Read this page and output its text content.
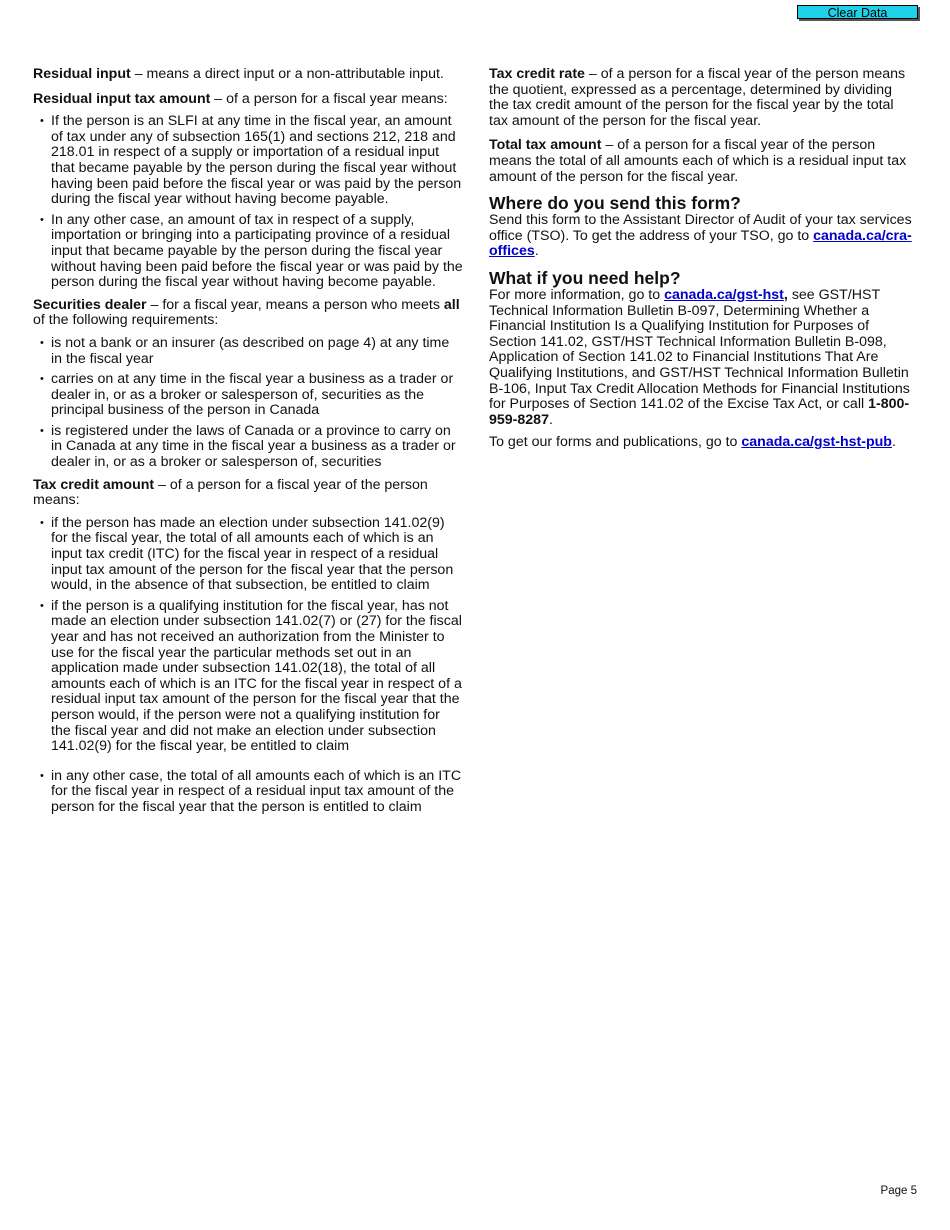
Clear Data

Residual input – means a direct input or a non-attributable input.

Residual input tax amount – of a person for a fiscal year means:

• If the person is an SLFI at any time in the fiscal year, an amount of tax under any of subsection 165(1) and sections 212, 218 and 218.01 in respect of a supply or importation of a residual input that became payable by the person during the fiscal year without having been paid before the fiscal year or was paid by the person during the fiscal year without having become payable.
• In any other case, an amount of tax in respect of a supply, importation or bringing into a participating province of a residual input that became payable by the person during the fiscal year without having been paid before the fiscal year or was paid by the person during the fiscal year without having become payable.

Securities dealer – for a fiscal year, means a person who meets all of the following requirements:

• is not a bank or an insurer (as described on page 4) at any time in the fiscal year
• carries on at any time in the fiscal year a business as a trader or dealer in, or as a broker or salesperson of, securities as the principal business of the person in Canada
• is registered under the laws of Canada or a province to carry on in Canada at any time in the fiscal year a business as a trader or dealer in, or as a broker or salesperson of, securities

Tax credit amount – of a person for a fiscal year of the person means:

• if the person has made an election under subsection 141.02(9) for the fiscal year, the total of all amounts each of which is an input tax credit (ITC) for the fiscal year in respect of a residual input tax amount of the person for the fiscal year that the person would, in the absence of that subsection, be entitled to claim
• if the person is a qualifying institution for the fiscal year, has not made an election under subsection 141.02(7) or (27) for the fiscal year and has not received an authorization from the Minister to use for the fiscal year the particular methods set out in an application made under subsection 141.02(18), the total of all amounts each of which is an ITC for the fiscal year in respect of a residual input tax amount of the person for the fiscal year that the person would, if the person were not a qualifying institution for the fiscal year and did not make an election under subsection 141.02(9) for the fiscal year, be entitled to claim
• in any other case, the total of all amounts each of which is an ITC for the fiscal year in respect of a residual input tax amount of the person for the fiscal year that the person is entitled to claim

Tax credit rate – of a person for a fiscal year of the person means the quotient, expressed as a percentage, determined by dividing the tax credit amount of the person for the fiscal year by the total tax amount of the person for the fiscal year.

Total tax amount – of a person for a fiscal year of the person means the total of all amounts each of which is a residual input tax amount of the person for the fiscal year.

Where do you send this form?

Send this form to the Assistant Director of Audit of your tax services office (TSO). To get the address of your TSO, go to canada.ca/cra-offices.

What if you need help?

For more information, go to canada.ca/gst-hst, see GST/HST Technical Information Bulletin B-097, Determining Whether a Financial Institution Is a Qualifying Institution for Purposes of Section 141.02, GST/HST Technical Information Bulletin B-098, Application of Section 141.02 to Financial Institutions That Are Qualifying Institutions, and GST/HST Technical Information Bulletin B-106, Input Tax Credit Allocation Methods for Financial Institutions for Purposes of Section 141.02 of the Excise Tax Act, or call 1-800-959-8287.

To get our forms and publications, go to canada.ca/gst-hst-pub.

Page 5
